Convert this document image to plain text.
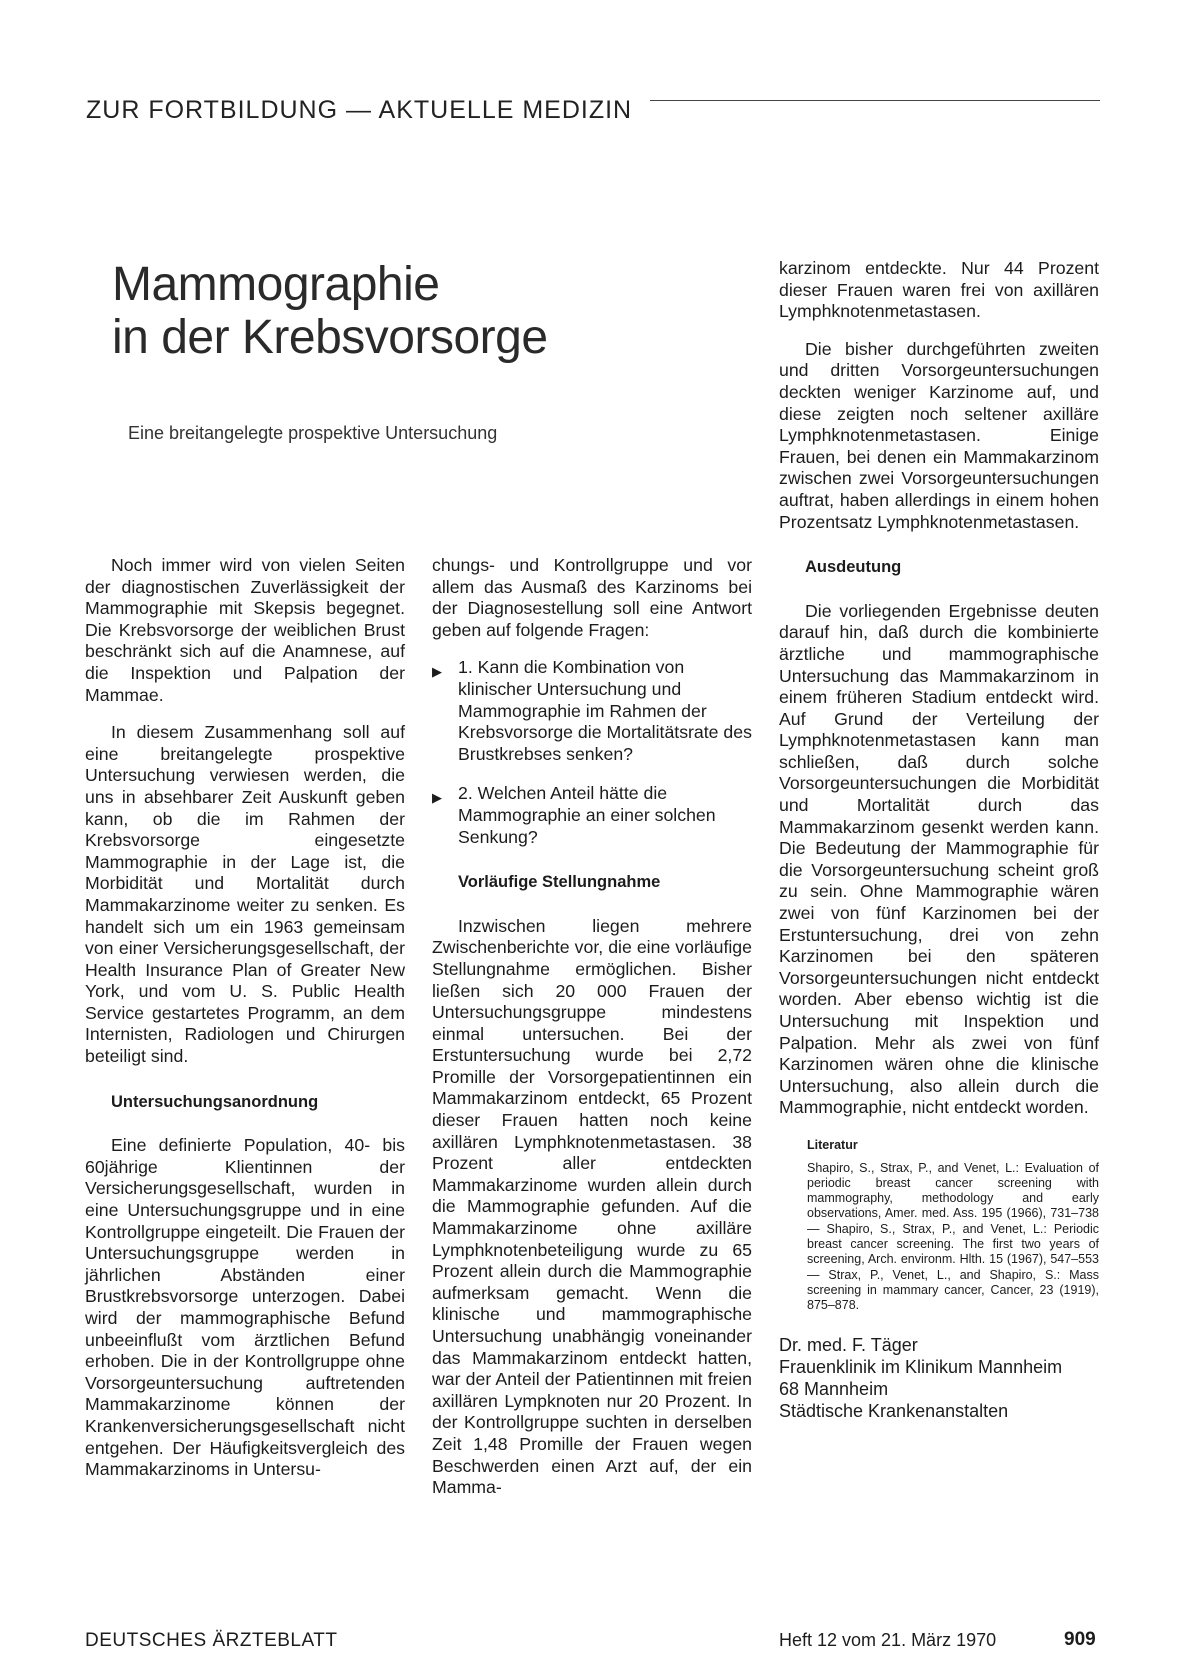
ZUR FORTBILDUNG — AKTUELLE MEDIZIN
Mammographie
in der Krebsvorsorge
Eine breitangelegte prospektive Untersuchung

Noch immer wird von vielen Seiten der diagnostischen Zuverlässigkeit der Mammographie mit Skepsis begegnet. Die Krebsvorsorge der weiblichen Brust beschränkt sich auf die Anamnese, auf die Inspektion und Palpation der Mammae.

In diesem Zusammenhang soll auf eine breitangelegte prospektive Untersuchung verwiesen werden, die uns in absehbarer Zeit Auskunft geben kann, ob die im Rahmen der Krebsvorsorge eingesetzte Mammographie in der Lage ist, die Morbidität und Mortalität durch Mammakarzinome weiter zu senken. Es handelt sich um ein 1963 gemeinsam von einer Versicherungsgesellschaft, der Health Insurance Plan of Greater New York, und vom U. S. Public Health Service gestartetes Programm, an dem Internisten, Radiologen und Chirurgen beteiligt sind.

Untersuchungsanordnung

Eine definierte Population, 40- bis 60jährige Klientinnen der Versicherungsgesellschaft, wurden in eine Untersuchungsgruppe und in eine Kontrollgruppe eingeteilt. Die Frauen der Untersuchungsgruppe werden in jährlichen Abständen einer Brustkrebsvorsorge unterzogen. Dabei wird der mammographische Befund unbeeinflußt vom ärztlichen Befund erhoben. Die in der Kontrollgruppe ohne Vorsorgeuntersuchung auftretenden Mammakarzinome können der Krankenversicherungsgesellschaft nicht entgehen. Der Häufigkeitsvergleich des Mammakarzinoms in Untersu-

chungs- und Kontrollgruppe und vor allem das Ausmaß des Karzinoms bei der Diagnosestellung soll eine Antwort geben auf folgende Fragen:

▶ 1. Kann die Kombination von klinischer Untersuchung und Mammographie im Rahmen der Krebsvorsorge die Mortalitätsrate des Brustkrebses senken?
▶ 2. Welchen Anteil hätte die Mammographie an einer solchen Senkung?
Vorläufige Stellungnahme

Inzwischen liegen mehrere Zwischenberichte vor, die eine vorläufige Stellungnahme ermöglichen. Bisher ließen sich 20 000 Frauen der Untersuchungsgruppe mindestens einmal untersuchen. Bei der Erstuntersuchung wurde bei 2,72 Promille der Vorsorgepatientinnen ein Mammakarzinom entdeckt, 65 Prozent dieser Frauen hatten noch keine axillären Lymphknotenmetastasen. 38 Prozent aller entdeckten Mammakarzinome wurden allein durch die Mammographie gefunden. Auf die Mammakarzinome ohne axilläre Lymphknotenbeteiligung wurde zu 65 Prozent allein durch die Mammographie aufmerksam gemacht. Wenn die klinische und mammographische Untersuchung unabhängig voneinander das Mammakarzinom entdeckt hatten, war der Anteil der Patientinnen mit freien axillären Lympknoten nur 20 Prozent. In der Kontrollgruppe suchten in derselben Zeit 1,48 Promille der Frauen wegen Beschwerden einen Arzt auf, der ein Mamma-

karzinom entdeckte. Nur 44 Prozent dieser Frauen waren frei von axillären Lymphknotenmetastasen.

Die bisher durchgeführten zweiten und dritten Vorsorgeuntersuchungen deckten weniger Karzinome auf, und diese zeigten noch seltener axilläre Lymphknotenmetastasen. Einige Frauen, bei denen ein Mammakarzinom zwischen zwei Vorsorgeuntersuchungen auftrat, haben allerdings in einem hohen Prozentsatz Lymphknotenmetastasen.

Ausdeutung

Die vorliegenden Ergebnisse deuten darauf hin, daß durch die kombinierte ärztliche und mammographische Untersuchung das Mammakarzinom in einem früheren Stadium entdeckt wird. Auf Grund der Verteilung der Lymphknotenmetastasen kann man schließen, daß durch solche Vorsorgeuntersuchungen die Morbidität und Mortalität durch das Mammakarzinom gesenkt werden kann. Die Bedeutung der Mammographie für die Vorsorgeuntersuchung scheint groß zu sein. Ohne Mammographie wären zwei von fünf Karzinomen bei der Erstuntersuchung, drei von zehn Karzinomen bei den späteren Vorsorgeuntersuchungen nicht entdeckt worden. Aber ebenso wichtig ist die Untersuchung mit Inspektion und Palpation. Mehr als zwei von fünf Karzinomen wären ohne die klinische Untersuchung, also allein durch die Mammographie, nicht entdeckt worden.

Literatur
Shapiro, S., Strax, P., and Venet, L.: Evaluation of periodic breast cancer screening with mammography, methodology and early observations, Amer. med. Ass. 195 (1966), 731–738 — Shapiro, S., Strax, P., and Venet, L.: Periodic breast cancer screening. The first two years of screening, Arch. environm. Hlth. 15 (1967), 547–553 — Strax, P., Venet, L., and Shapiro, S.: Mass screening in mammary cancer, Cancer, 23 (1919), 875–878.
Dr. med. F. Täger
Frauenklinik im Klinikum Mannheim
68 Mannheim
Städtische Krankenanstalten
DEUTSCHES ÄRZTEBLATT	Heft 12 vom 21. März 1970	909
